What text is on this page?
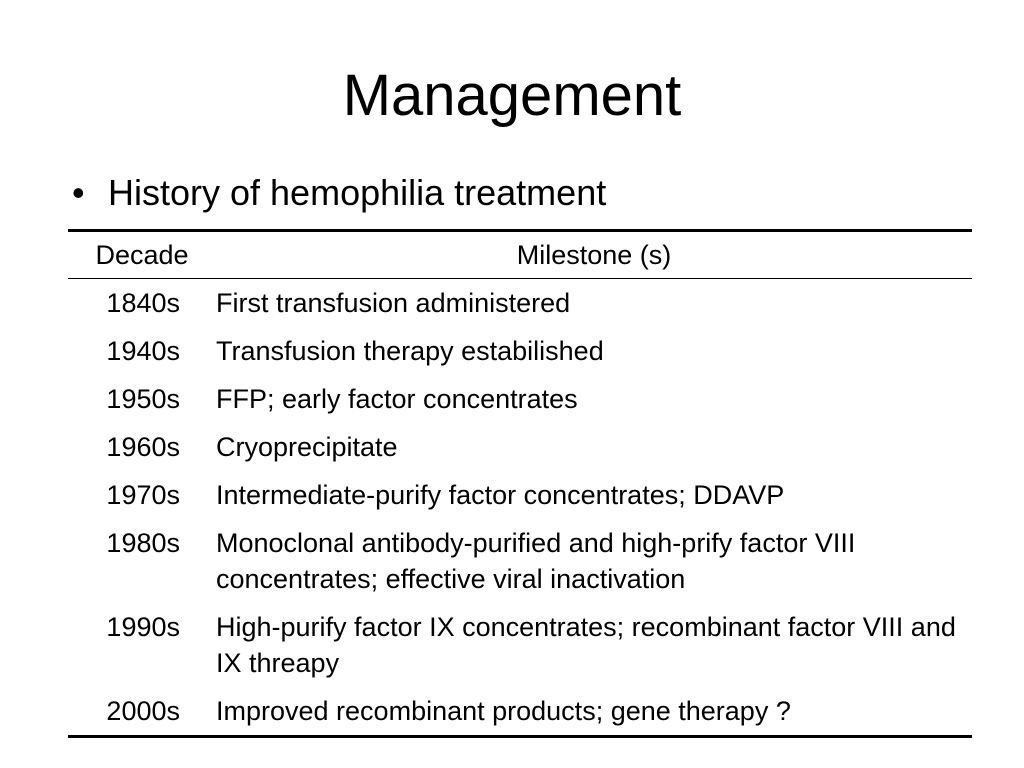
Management
• History of hemophilia treatment
Decade	Milestone (s)
1840s	First transfusion administered
1940s	Transfusion therapy estabilished
1950s	FFP; early factor concentrates
1960s	Cryoprecipitate
1970s	Intermediate-purify factor concentrates; DDAVP
1980s	Monoclonal antibody-purified and high-prify factor VIII concentrates; effective viral inactivation
1990s	High-purify factor IX concentrates; recombinant factor VIII and IX threapy
2000s	Improved recombinant products; gene therapy ?
